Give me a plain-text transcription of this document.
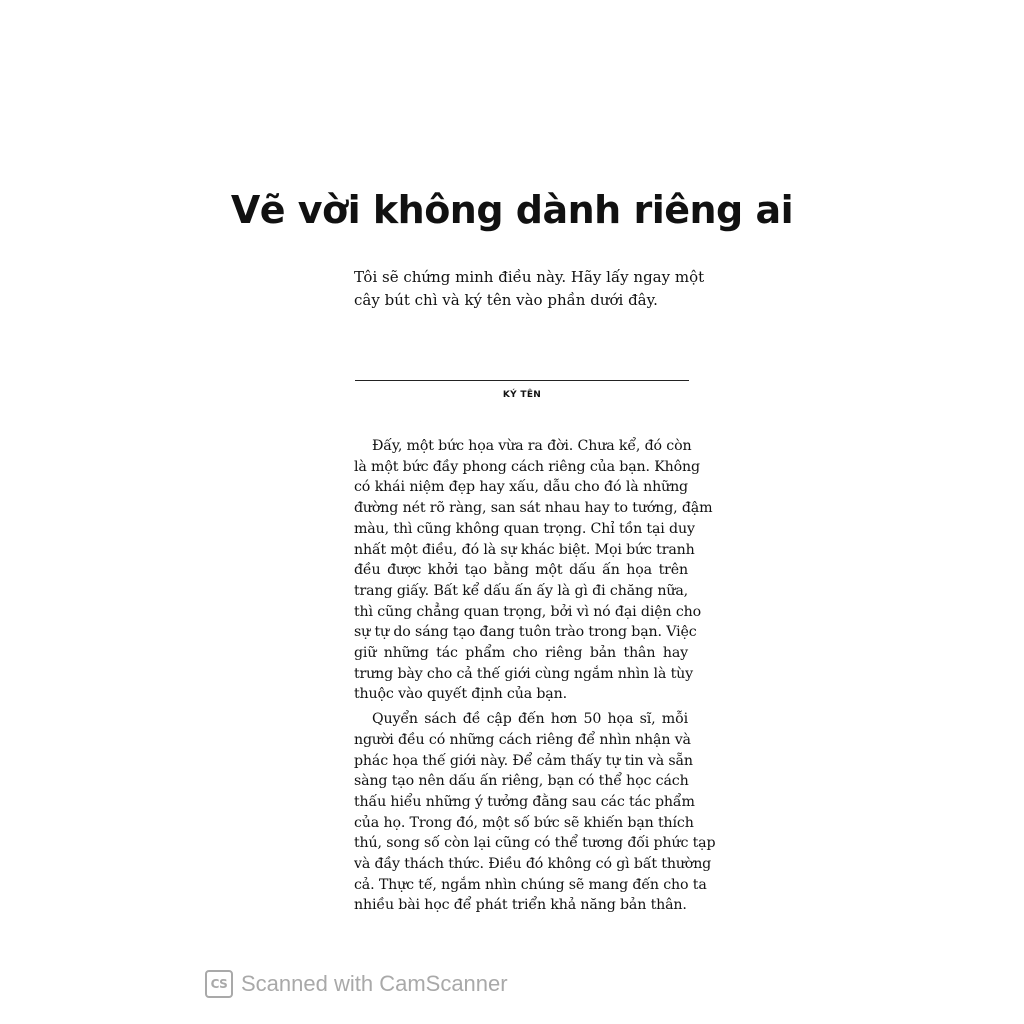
Vẽ vời không dành riêng ai
Tôi sẽ chứng minh điều này. Hãy lấy ngay một
cây bút chì và ký tên vào phần dưới đây.
KÝ TÊN
Đấy, một bức họa vừa ra đời. Chưa kể, đó còn
là một bức đầy phong cách riêng của bạn. Không
có khái niệm đẹp hay xấu, dẫu cho đó là những
đường nét rõ ràng, san sát nhau hay to tướng, đậm
màu, thì cũng không quan trọng. Chỉ tồn tại duy
nhất một điều, đó là sự khác biệt. Mọi bức tranh
đều được khởi tạo bằng một dấu ấn họa trên
trang giấy. Bất kể dấu ấn ấy là gì đi chăng nữa,
thì cũng chẳng quan trọng, bởi vì nó đại diện cho
sự tự do sáng tạo đang tuôn trào trong bạn. Việc
giữ những tác phẩm cho riêng bản thân hay
trưng bày cho cả thế giới cùng ngắm nhìn là tùy
thuộc vào quyết định của bạn.
Quyển sách đề cập đến hơn 50 họa sĩ, mỗi
người đều có những cách riêng để nhìn nhận và
phác họa thế giới này. Để cảm thấy tự tin và sẵn
sàng tạo nên dấu ấn riêng, bạn có thể học cách
thấu hiểu những ý tưởng đằng sau các tác phẩm
của họ. Trong đó, một số bức sẽ khiến bạn thích
thú, song số còn lại cũng có thể tương đối phức tạp
và đầy thách thức. Điều đó không có gì bất thường
cả. Thực tế, ngắm nhìn chúng sẽ mang đến cho ta
nhiều bài học để phát triển khả năng bản thân.
CS Scanned with CamScanner
